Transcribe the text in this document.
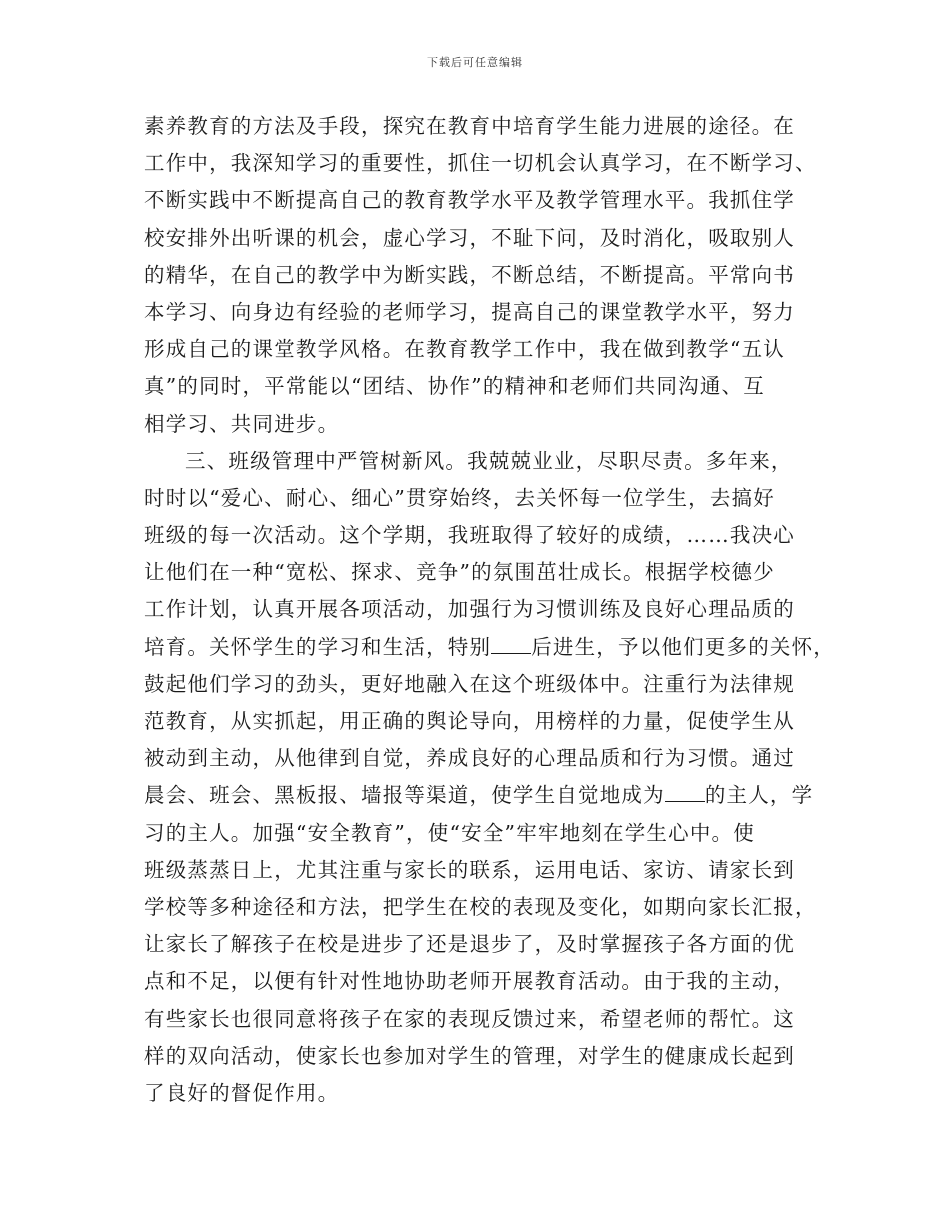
下载后可任意编辑
素养教育的方法及手段，探究在教育中培育学生能力进展的途径。在
工作中，我深知学习的重要性，抓住一切机会认真学习，在不断学习、
不断实践中不断提高自己的教育教学水平及教学管理水平。我抓住学
校安排外出听课的机会，虚心学习，不耻下问，及时消化，吸取别人
的精华，在自己的教学中为断实践，不断总结，不断提高。平常向书
本学习、向身边有经验的老师学习，提高自己的课堂教学水平，努力
形成自己的课堂教学风格。在教育教学工作中，我在做到教学“五认
真”的同时，平常能以“团结、协作”的精神和老师们共同沟通、互
相学习、共同进步。
三、班级管理中严管树新风。我兢兢业业，尽职尽责。多年来，
时时以“爱心、耐心、细心”贯穿始终，去关怀每一位学生，去搞好
班级的每一次活动。这个学期，我班取得了较好的成绩，……我决心
让他们在一种“宽松、探求、竞争”的氛围茁壮成长。根据学校德少
工作计划，认真开展各项活动，加强行为习惯训练及良好心理品质的
培育。关怀学生的学习和生活，特别 后进生，予以他们更多的关怀，
鼓起他们学习的劲头，更好地融入在这个班级体中。注重行为法律规
范教育，从实抓起，用正确的舆论导向，用榜样的力量，促使学生从
被动到主动，从他律到自觉，养成良好的心理品质和行为习惯。通过
晨会、班会、黑板报、墙报等渠道，使学生自觉地成为 的主人，学
习的主人。加强“安全教育”，使“安全”牢牢地刻在学生心中。使
班级蒸蒸日上，尤其注重与家长的联系，运用电话、家访、请家长到
学校等多种途径和方法，把学生在校的表现及变化，如期向家长汇报，
让家长了解孩子在校是进步了还是退步了，及时掌握孩子各方面的优
点和不足，以便有针对性地协助老师开展教育活动。由于我的主动，
有些家长也很同意将孩子在家的表现反馈过来，希望老师的帮忙。这
样的双向活动，使家长也参加对学生的管理，对学生的健康成长起到
了良好的督促作用。
